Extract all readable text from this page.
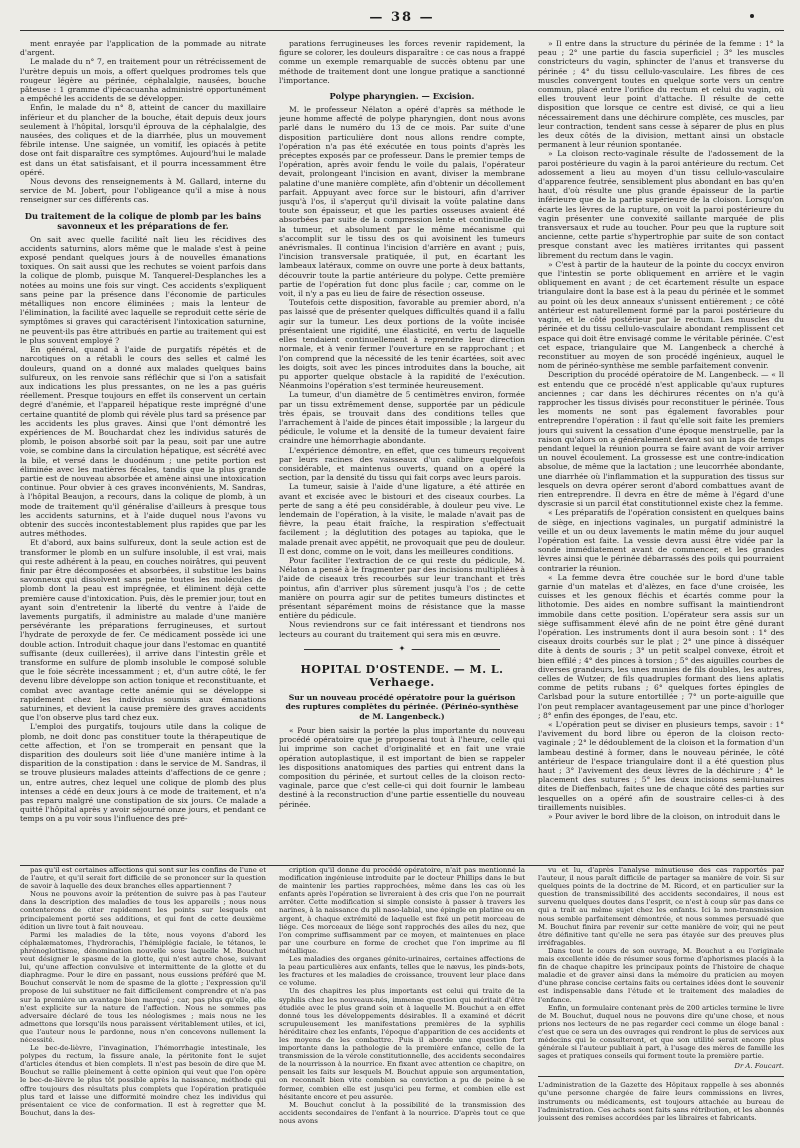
— 38 —

ment enrayée par l'application de la pommade au nitrate d'argent.

Le malade du n° 7, en traitement pour un rétrécissement de l'urètre depuis un mois, a offert quelques prodromes tels que rougeur légère au périnée, céphalalgie, nausées, bouche pâteuse : 1 gramme d'ipécacuanha administré opportunément a empêché les accidents de se développer.

Enfin, le malade du n° 8, atteint de cancer du maxillaire inférieur et du plancher de la bouche, était depuis deux jours seulement à l'hôpital, lorsqu'il éprouva de la céphalalgie, des nausées, des coliques et de la diarrhée, plus un mouvement fébrile intense. Une saignée, un vomitif, les opiacés à petite dose ont fait disparaître ces symptômes. Aujourd'hui le malade est dans un état satisfaisant, et il pourra incessamment être opéré.

Nous devons des renseignements à M. Gallard, interne du service de M. Jobert, pour l'obligeance qu'il a mise à nous renseigner sur ces différents cas.

Du traitement de la colique de plomb par les bains savonneux et les préparations de fer.

On sait avec quelle facilité naît lieu les récidives des accidents saturnins, alors même que le malade s'est à peine exposé pendant quelques jours à de nouvelles émanations toxiques. On sait aussi que les rechutes se voient parfois dans la colique de plomb, puisque M. Tanquerel-Desplanches les a notées au moins une fois sur vingt. Ces accidents s'expliquent sans peine par la présence dans l'économie de particules métalliques non encore éliminées ; mais la lenteur de l'élimination, la facilité avec laquelle se reproduit cette série de symptômes si graves qui caractérisent l'intoxication saturnine, ne peuvent-ils pas être attribués en partie au traitement qui est le plus souvent employé ?

En général, quand à l'aide de purgatifs répétés et de narcotiques on a rétabli le cours des selles et calmé les douleurs, quand on a donné aux malades quelques bains sulfureux, on les renvoie sans réfléchir que si l'on a satisfait aux indications les plus pressantes, on ne les a pas guéris réellement. Presque toujours en effet ils conservent un certain degré d'anémie, et l'appareil hépatique reste imprégné d'une certaine quantité de plomb qui révèle plus tard sa présence par les accidents les plus graves. Ainsi que l'ont démontré les expériences de M. Bouchardat chez les individus saturés de plomb, le poison absorbé soit par la peau, soit par une autre voie, se combine dans la circulation hépatique, est sécrété avec la bile, et versé dans le duodénum ; une petite portion est éliminée avec les matières fécales, tandis que la plus grande partie est de nouveau absorbée et amène ainsi une intoxication continue. Pour obvier à ces graves inconvénients, M. Sandras, à l'hôpital Beaujon, a recours, dans la colique de plomb, à un mode de traitement qu'il généralise d'ailleurs à presque tous les accidents saturnins, et à l'aide duquel nous l'avons vu obtenir des succès incontestablement plus rapides que par les autres méthodes.

Et d'abord, aux bains sulfureux, dont la seule action est de transformer le plomb en un sulfure insoluble, il est vrai, mais qui reste adhérent à la peau, en couches noirâtres, qui peuvent finir par être décomposées et absorbées, il substitue les bains savonneux qui dissolvent sans peine toutes les molécules de plomb dont la peau est imprégnée, et éliminent déjà cette première cause d'intoxication. Puis, dès le premier jour, tout en ayant soin d'entretenir la liberté du ventre à l'aide de lavements purgatifs, il administre au malade d'une manière persévérante les préparations ferrugineuses, et surtout l'hydrate de peroxyde de fer. Ce médicament possède ici une double action. Introduit chaque jour dans l'estomac en quantité suffisante (deux cuillerées), il arrive dans l'intestin grêle et transforme en sulfure de plomb insoluble le composé soluble que le foie sécrète incessamment ; et, d'un autre côté, le fer devenu libre développe son action tonique et reconstituante, et combat avec avantage cette anémie qui se développe si rapidement chez les individus soumis aux émanations saturnines, et devient la cause première des graves accidents que l'on observe plus tard chez eux.

L'emploi des purgatifs, toujours utile dans la colique de plomb, ne doit donc pas constituer toute la thérapeutique de cette affection, et l'on se tromperait en pensant que la disparition des douleurs soit liée d'une manière intime à la disparition de la constipation : dans le service de M. Sandras, il se trouve plusieurs malades atteints d'affections de ce genre ; un, entre autres, chez lequel une colique de plomb des plus intenses a cédé en deux jours à ce mode de traitement, et n'a pas reparu malgré une constipation de six jours. Ce malade a quitté l'hôpital après y avoir séjourné onze jours, et pendant ce temps on a pu voir sous l'influence des pré-

parations ferrugineuses les forces revenir rapidement, la figure se colorer, les douleurs disparaître : ce cas nous a frappé comme un exemple remarquable de succès obtenu par une méthode de traitement dont une longue pratique a sanctionné l'importance.

Polype pharyngien. — Excision.

M. le professeur Nélaton a opéré d'après sa méthode le jeune homme affecté de polype pharyngien, dont nous avons parlé dans le numéro du 13 de ce mois. Par suite d'une disposition particulière dont nous allons rendre compte, l'opération n'a pas été exécutée en tous points d'après les préceptes exposés par ce professeur. Dans le premier temps de l'opération, après avoir fendu le voile du palais, l'opérateur devait, prolongeant l'incision en avant, diviser la membrane palatine d'une manière complète, afin d'obtenir un décollement parfait. Appuyant avec force sur le bistouri, afin d'arriver jusqu'à l'os, il s'aperçut qu'il divisait la voûte palatine dans toute son épaisseur, et que les parties osseuses avaient été absorbées par suite de la compression lente et continuelle de la tumeur, et absolument par le même mécanisme qui s'accomplit sur le tissu des os qui avoisinent les tumeurs anévrismales. Il continua l'incision d'arrière en avant ; puis, l'incision transversale pratiquée, il put, en écartant les lambeaux latéraux, comme on ouvre une porte à deux battants, découvrir toute la partie antérieure du polype. Cette première partie de l'opération fut donc plus facile ; car, comme on le voit, il n'y a pas eu lieu de faire de résection osseuse.

Toutefois cette disposition, favorable au premier abord, n'a pas laissé que de présenter quelques difficultés quand il a fallu agir sur la tumeur. Les deux portions de la voûte incisée présentaient une rigidité, une élasticité, en vertu de laquelle elles tendaient continuellement à reprendre leur direction normale, et à venir fermer l'ouverture en se rapprochant ; et l'on comprend que la nécessité de les tenir écartées, soit avec les doigts, soit avec les pinces introduites dans la bouche, ait pu apporter quelque obstacle à la rapidité de l'exécution. Néanmoins l'opération s'est terminée heureusement.

La tumeur, d'un diamètre de 5 centimètres environ, formée par un tissu extrêmement dense, supportée par un pédicule très épais, se trouvait dans des conditions telles que l'arrachement à l'aide de pinces était impossible ; la largeur du pédicule, le volume et la densité de la tumeur devaient faire craindre une hémorrhagie abondante.

L'expérience démontre, en effet, que ces tumeurs reçoivent par leurs racines des vaisseaux d'un calibre quelquefois considérable, et maintenus ouverts, quand on a opéré la section, par la densité du tissu qui fait corps avec leurs parois.

La tumeur, saisie à l'aide d'une ligature, a été attirée en avant et excisée avec le bistouri et des ciseaux courbes. La perte de sang a été peu considérable, à douleur peu vive. Le lendemain de l'opération, à la visite, le malade n'avait pas de fièvre, la peau était fraîche, la respiration s'effectuait facilement ; la déglutition des potages au tapioka, que le malade prenait avec appétit, ne provoquait que peu de douleur. Il est donc, comme on le voit, dans les meilleures conditions.

Pour faciliter l'extraction de ce qui reste du pédicule, M. Nélaton a pensé à le fragmenter par des incisions multipliées à l'aide de ciseaux très recourbés sur leur tranchant et très pointus, afin d'arriver plus sûrement jusqu'à l'os ; de cette manière on pourra agir sur de petites tumeurs distinctes et présentant séparément moins de résistance que la masse entière du pédicule.

Nous reviendrons sur ce fait intéressant et tiendrons nos lecteurs au courant du traitement qui sera mis en œuvre.

✦
HOPITAL D'OSTENDE. — M. L. Verhaege.
Sur un nouveau procédé opératoire pour la guérison des ruptures complètes du périnée. (Périnéo-synthèse de M. Langenbeck.)

« Pour bien saisir la portée la plus importante du nouveau procédé opératoire que je proposerai tout à l'heure, celle qui lui imprime son cachet d'originalité et en fait une vraie opération autoplastique, il est important de bien se rappeler les dispositions anatomiques des parties qui entrent dans la composition du périnée, et surtout celles de la cloison recto-vaginale, parce que c'est celle-ci qui doit fournir le lambeau destiné à la reconstruction d'une partie essentielle du nouveau périnée.

» Il entre dans la structure du périnée de la femme : 1° la peau ; 2° une partie du fascia superficiel ; 3° les muscles constricteurs du vagin, sphincter de l'anus et transverse du périnée ; 4° du tissu cellulo-vasculaire. Les fibres de ces muscles convergent toutes en quelque sorte vers un centre commun, placé entre l'orifice du rectum et celui du vagin, où elles trouvent leur point d'attache. Il résulte de cette disposition que lorsque ce centre est divisé, ce qui a lieu nécessairement dans une déchirure complète, ces muscles, par leur contraction, tendent sans cesse à séparer de plus en plus les deux côtés de la division, mettant ainsi un obstacle permanent à leur réunion spontanée.

» La cloison recto-vaginale résulte de l'adossement de la paroi postérieure du vagin à la paroi antérieure du rectum. Cet adossement a lieu au moyen d'un tissu cellulo-vasculaire d'apparence feutrée, sensiblement plus abondant en bas qu'en haut, d'où résulte une plus grande épaisseur de la partie inférieure que de la partie supérieure de la cloison. Lorsqu'on écarte les lèvres de la rupture, on voit la paroi postérieure du vagin présenter une convexité saillante marquée de plis transversaux et rude au toucher. Pour peu que la rupture soit ancienne, cette partie s'hypertrophie par suite de son contact presque constant avec les matières irritantes qui passent librement du rectum dans le vagin.

» C'est à partir de la hauteur de la pointe du coccyx environ que l'intestin se porte obliquement en arrière et le vagin obliquement en avant ; de cet écartement résulte un espace triangulaire dont la base est à la peau du périnée et le sommet au point où les deux anneaux s'unissent entièrement ; ce côté antérieur est naturellement formé par la paroi postérieure du vagin, et le côté postérieur par le rectum. Les muscles du périnée et du tissu cellulo-vasculaire abondant remplissent cet espace qui doit être envisagé comme le véritable périnée. C'est cet espace, triangulaire que M. Langenbeck a cherché à reconstituer au moyen de son procédé ingénieux, auquel le nom de périnéo-synthèse me semble parfaitement convenir.

Description du procédé opératoire de M. Langenbeck. — « Il est entendu que ce procédé n'est applicable qu'aux ruptures anciennes ; car dans les déchirures récentes on n'a qu'à rapprocher les tissus divisés pour reconstituer le périnée. Tous les moments ne sont pas également favorables pour entreprendre l'opération : il faut qu'elle soit faite les premiers jours qui suivent la cessation d'une époque menstruelle, par la raison qu'alors on a généralement devant soi un laps de temps pendant lequel la réunion pourra se faire avant de voir arriver un nouvel écoulement. La grossesse est une contre-indication absolue, de même que la lactation ; une leucorrhée abondante, une diarrhée où l'inflammation et la suppuration des tissus sur lesquels on devra opérer seront d'abord combattues avant de rien entreprendre. Il devra en être de même à l'égard d'une dyscrasie si un parcil état constitutionnel existe chez la femme.

« Les préparatifs de l'opération consistent en quelques bains de siège, en injections vaginales, un purgatif administré la veille et un ou deux lavements le matin même du jour auquel l'opération est faite. La vessie devra aussi être vidée par la sonde immédiatement avant de commencer, et les grandes lèvres ainsi que le périnée débarrassés des poils qui pourraient contrarier la réunion.

« La femme devra être couchée sur le bord d'une table garnie d'un matelas et d'alèzes, en face d'une croisée, les cuisses et les genoux fléchis et écartés comme pour la lithotomie. Des aides en nombre suffisant la maintiendront immobile dans cette position. L'opérateur sera assis sur un siège suffisamment élevé afin de ne point être gêné durant l'opération. Les instruments dont il aura besoin sont : 1° des ciseaux droits courbés sur le plat ; 2° une pince à disséquer dite à dents de souris ; 3° un petit scalpel convexe, étroit et bien effilé ; 4° des pinces à torsion ; 5° des aiguilles courbes de diverses grandeurs, les unes munies de fils doubles, les autres, celles de Wutzer, de fils quadruples formant des liens aplatis comme de petits rubans ; 6° quelques fortes épingles de Carlsbad pour la suture entortillée ; 7° un porte-aiguille que l'on peut remplacer avantageusement par une pince d'horloger ; 8° enfin des éponges, de l'eau, etc.

« L'opération peut se diviser en plusieurs temps, savoir : 1° l'avivement du bord libre ou éperon de la cloison recto-vaginale ; 2° le dédoublement de la cloison et la formation d'un lambeau destiné à former, dans le nouveau périnée, le côté antérieur de l'espace triangulaire dont il a été question plus haut ; 3° l'avivement des deux lèvres de la déchirure ; 4° le placement des sutures ; 5° les deux incisions semi-lunaires dites de Dieffenbach, faites une de chaque côté des parties sur lesquelles on a opéré afin de soustraire celles-ci à des tiraillements nuisibles.

» Pour aviver le bord libre de la cloison, on introduit dans le

pas qu'il est certaines affections qui sont sur les confins de l'une et de l'autre, et qu'il serait fort difficile de se prononcer sur la question de savoir à laquelle des deux branches elles appartiennent ?

Nous ne pouvons avoir la prétention de suivre pas à pas l'auteur dans la description des maladies de tous les appareils ; nous nous contenterons de citer rapidement les points sur lesquels ont principalement porté ses additions, et qui font de cette deuxième édition un livre tout à fait nouveau.

Parmi les maladies de la tête, nous voyons d'abord les céphalæmatomes, l'hydrorachis, l'hémiplégie faciale, le tétanos, le phrénoglottisme, dénomination nouvelle sous laquelle M. Bouchut veut désigner le spasme de la glotte, qui n'est autre chose, suivant lui, qu'une affection convulsive et intermittente de la glotte et du diaphragme. Pour le dire en passant, nous eussions préféré que M. Bouchut conservât le nom de spasme de la glotte ; l'expression qu'il propose de lui substituer ne fait difficilement comprendre et n'a pas sur la première un avantage bien marqué ; car, pas plus qu'elle, elle n'est explicite sur la nature de l'affection. Nous ne sommes pas adversaire déclaré de tous les néologismes ; mais nous ne les admettons que lorsqu'ils nous paraissent véritablement utiles, et ici, que l'auteur nous le pardonne, nous n'en concevons nullement la nécessité.

Le bec-de-lièvre, l'invagination, l'hémorrhagie intestinale, les polypes du rectum, la fissure anale, la péritonite font le sujet d'articles étendus et bien complets. Il n'est pas besoin de dire que M. Bouchut se rallie pleinement à cette opinion qui veut que l'on opère le bec-de-lièvre le plus tôt possible après la naissance, méthode qui offre toujours des résultats plus complets que l'opération pratiquée plus tard et laisse une difformité moindre chez les individus qui présentaient ce vice de conformation. Il est à regretter que M. Bouchut, dans la des-

cription qu'il donne du procédé opératoire, n'ait pas mentionné la modification ingénieuse introduite par le docteur Phillips dans le but de maintenir les parties rapprochées, même dans les cas où les enfants après l'opération se livreraient à des cris que l'on ne pourrait arrêter. Cette modification si simple consiste à passer à travers les narines, à la naissance du pli naso-labial, une épingle en platine ou en argent, à chaque extrémité de laquelle est fixé un petit morceau de liége. Ces morceaux de liége sont rapprochés des ailes du nez, que l'on comprime suffisamment par ce moyen, et maintenues en place par une courbure en forme de crochet que l'on imprime au fil métallique.

Les maladies des organes génito-urinaires, certaines affections de la peau particulières aux enfants, telles que le nævus, les pinds-bots, les fractures et les maladies de croissance, trouvent leur place dans ce volume.

Un des chapitres les plus importants est celui qui traite de la syphilis chez les nouveaux-nés, immense question qui méritait d'être étudiée avec le plus grand soin et à laquelle M. Bouchut a en effet donné tous les développements désirables. Il a examiné et décrit scrupuleusement les manifestations premières de la syphilis héréditaire chez les enfants, l'époque d'apparition de ces accidents et les moyens de les combattre. Puis il aborde une question fort importante dans la pathologie de la première enfance, celle de la transmission de la vérole constitutionnelle, des accidents secondaires de la nourrisson à la nourrice. En fixant avec attention ce chapitre, on pensait les faits sur lesquels M. Bouchut appuie son argumentation, on reconnaît bien vite combien sa conviction a pu de peine à se former, combien elle est jusqu'ici peu ferme, et combien elle est hésitante encore et peu assurée.

M. Bouchut conclut à la possibilité de la transmission des accidents secondaires de l'enfant à la nourrice. D'après tout ce que nous avons

vu et lu, d'après l'analyse minutieuse des cas rapportés par l'auteur, il nous paraît difficile de partager sa manière de voir. Si sur quelques points de la doctrine de M. Ricord, et en particulier sur la question de transmissibilité des accidents secondaires, il nous est survenu quelques doutes dans l'esprit, ce n'est à coup sûr pas dans ce qui a trait au même sujet chez les enfants. Ici la non-transmission nous semble parfaitement démontrée, et nous sommes persuadé que M. Bouchut finira par revenir sur cette manière de voir, qui ne peut être définitive tant qu'elle ne sera pas étayée sur des preuves plus irréfragables.

Dans tout le cours de son ouvrage, M. Bouchut a eu l'originale mais excellente idée de résumer sous forme d'aphorismes placés à la fin de chaque chapitre les principaux points de l'histoire de chaque maladie et de graver ainsi dans la mémoire du praticien au moyen d'une phrase concise certains faits ou certaines idées dont le souvenir est indispensable dans l'étude et le traitement des maladies de l'enfance.

Enfin, un formulaire contenant près de 200 articles termine le livre de M. Bouchut, duquel nous ne pouvons dire qu'une chose, et nous prions nos lecteurs de ne pas regarder ceci comme un éloge banal : c'est que ce sera un des ouvrages qui rendront le plus de services aux médecins qui le consulteront, et que son utilité serait encore plus générale si l'auteur publiait à part, à l'usage des mères de famille les sages et pratiques conseils qui forment toute la première partie.

Dr A. Foucart.
L'administration de la Gazette des Hôpitaux rappelle à ses abonnés qu'une personne chargée de faire leurs commissions en livres, instruments ou médicaments, est toujours attachée au bureau de l'administration. Ces achats sont faits sans rétribution, et les abonnés jouissent des remises accordées par les libraires et fabricants.
